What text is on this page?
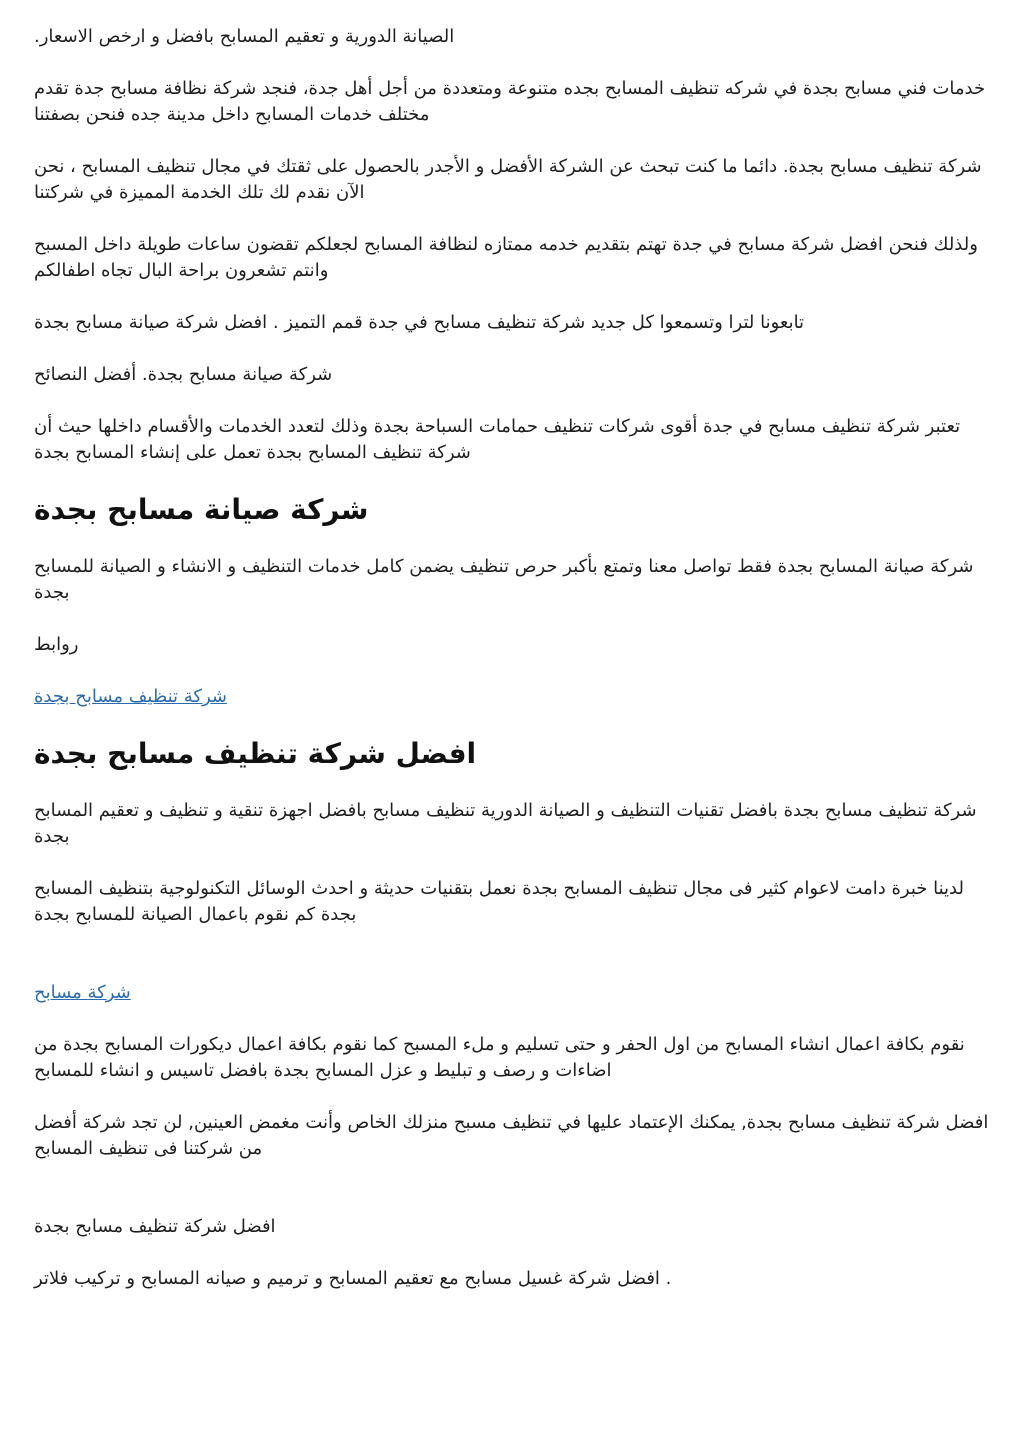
الصيانة الدورية و تعقيم المسابح بافضل و ارخص الاسعار.

خدمات فني مسابح بجدة في شركه تنظيف المسابح بجده متنوعة ومتعددة من أجل أهل جدة، فنجد شركة نظافة مسابح جدة تقدم مختلف خدمات المسابح داخل مدينة جده فنحن بصفتنا

شركة تنظيف مسابح بجدة. دائما ما كنت تبحث عن الشركة الأفضل و الأجدر بالحصول على ثقتك في مجال تنظيف المسابح ، نحن الآن نقدم لك تلك الخدمة المميزة في شركتنا

ولذلك فنحن افضل شركة مسابح في جدة تهتم بتقديم خدمه ممتازه لنظافة المسابح لجعلكم تقضون ساعات طويلة داخل المسبح وانتم تشعرون براحة البال تجاه اطفالكم

تابعونا لترا وتسمعوا كل جديد شركة تنظيف مسابح في جدة قمم التميز . افضل شركة صيانة مسابح بجدة

شركة صيانة مسابح بجدة. أفضل النصائح

تعتبر شركة تنظيف مسابح في جدة أقوى شركات تنظيف حمامات السباحة بجدة وذلك لتعدد الخدمات والأقسام داخلها حيث أن شركة تنظيف المسابح بجدة تعمل على إنشاء المسابح بجدة

شركة صيانة مسابح بجدة

شركة صيانة المسابح بجدة فقط تواصل معنا وتمتع بأكبر حرص تنظيف يضمن كامل خدمات التنظيف و الانشاء و الصيانة للمسابح بجدة

روابط

شركة تنظيف مسابح بجدة
افضل شركة تنظيف مسابح بجدة

شركة تنظيف مسابح بجدة بافضل تقنيات التنظيف و الصيانة الدورية تنظيف مسابح بافضل اجهزة تنقية و تنظيف و تعقيم المسابح بجدة

لدينا خبرة دامت لاعوام كثير فى مجال تنظيف المسابح بجدة نعمل بتقنيات حديثة و احدث الوسائل التكنولوجية بتنظيف المسابح بجدة كم نقوم باعمال الصيانة للمسابح بجدة

شركة مسابح

نقوم بكافة اعمال انشاء المسابح من اول الحفر و حتى تسليم و ملء المسبح كما نقوم بكافة اعمال ديكورات المسابح بجدة من اضاءات و رصف و تبليط و عزل المسابح بجدة بافضل تاسيس و انشاء للمسابح

افضل شركة تنظيف مسابح بجدة, يمكنك الإعتماد عليها في تنظيف مسبح منزلك الخاص وأنت مغمض العينين, لن تجد شركة أفضل من شركتنا فى تنظيف المسابح

افضل شركة تنظيف مسابح بجدة

. افضل شركة غسيل مسابح مع تعقيم المسابح و ترميم و صيانه المسابح و تركيب فلاتر
